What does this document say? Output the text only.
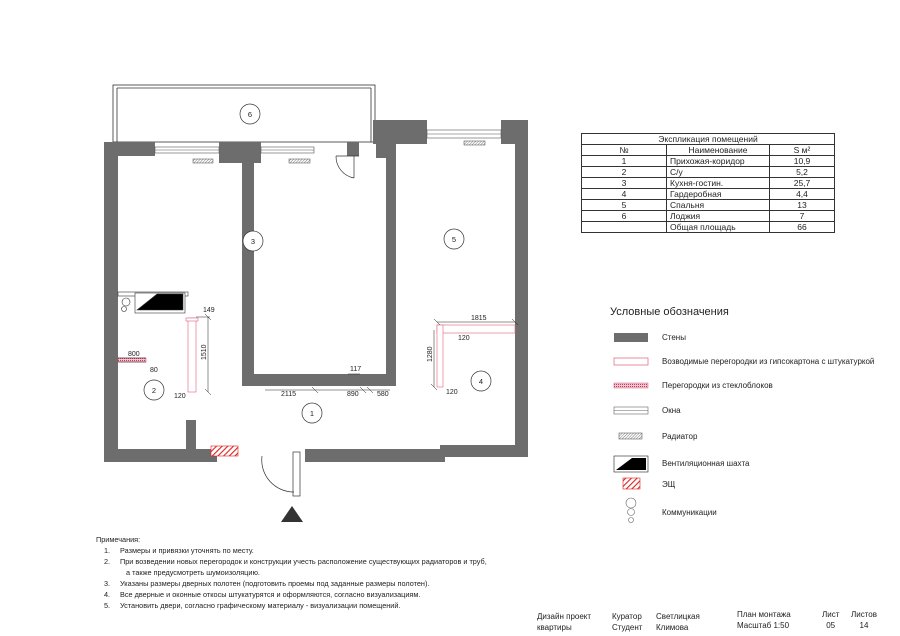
6
3	5
2
4
1
149
1510
800
80
120	2115
117
890	580
1815
120
1280
120
Экспликация помещений		
№	Наименование	S м²
1	Прихожая-коридор	10,9
2	С/у	5,2
3	Кухня-гостин.	25,7
4	Гардеробная	4,4
5	Спальня	13
6	Лоджия	7
	Общая площадь	66
Условные обозначения
Стены
Возводимые перегородки из гипсокартона с штукатуркой
Перегородки из стеклоблоков
Окна
Радиатор
Вентиляционная шахта
ЭЩ
Коммуникации
Примечания:
1. Размеры и привязки уточнять по месту.
2. При возведении новых перегородок и конструкции учесть расположение существующих радиаторов и труб,
а также предусмотреть шумоизоляцию.
3. Указаны размеры дверных полотен (подготовить проемы под заданные размеры полотен).
4. Все дверные и оконные откосы штукатурятся и оформляются, согласно визуализациям.
5. Установить двери, согласно графическому материалу - визуализации помещений.
Дизайн проект
квартиры
Куратор
Студент
Светлицкая
Климова
План монтажа
Масштаб 1:50
Лист
05
Листов
14
